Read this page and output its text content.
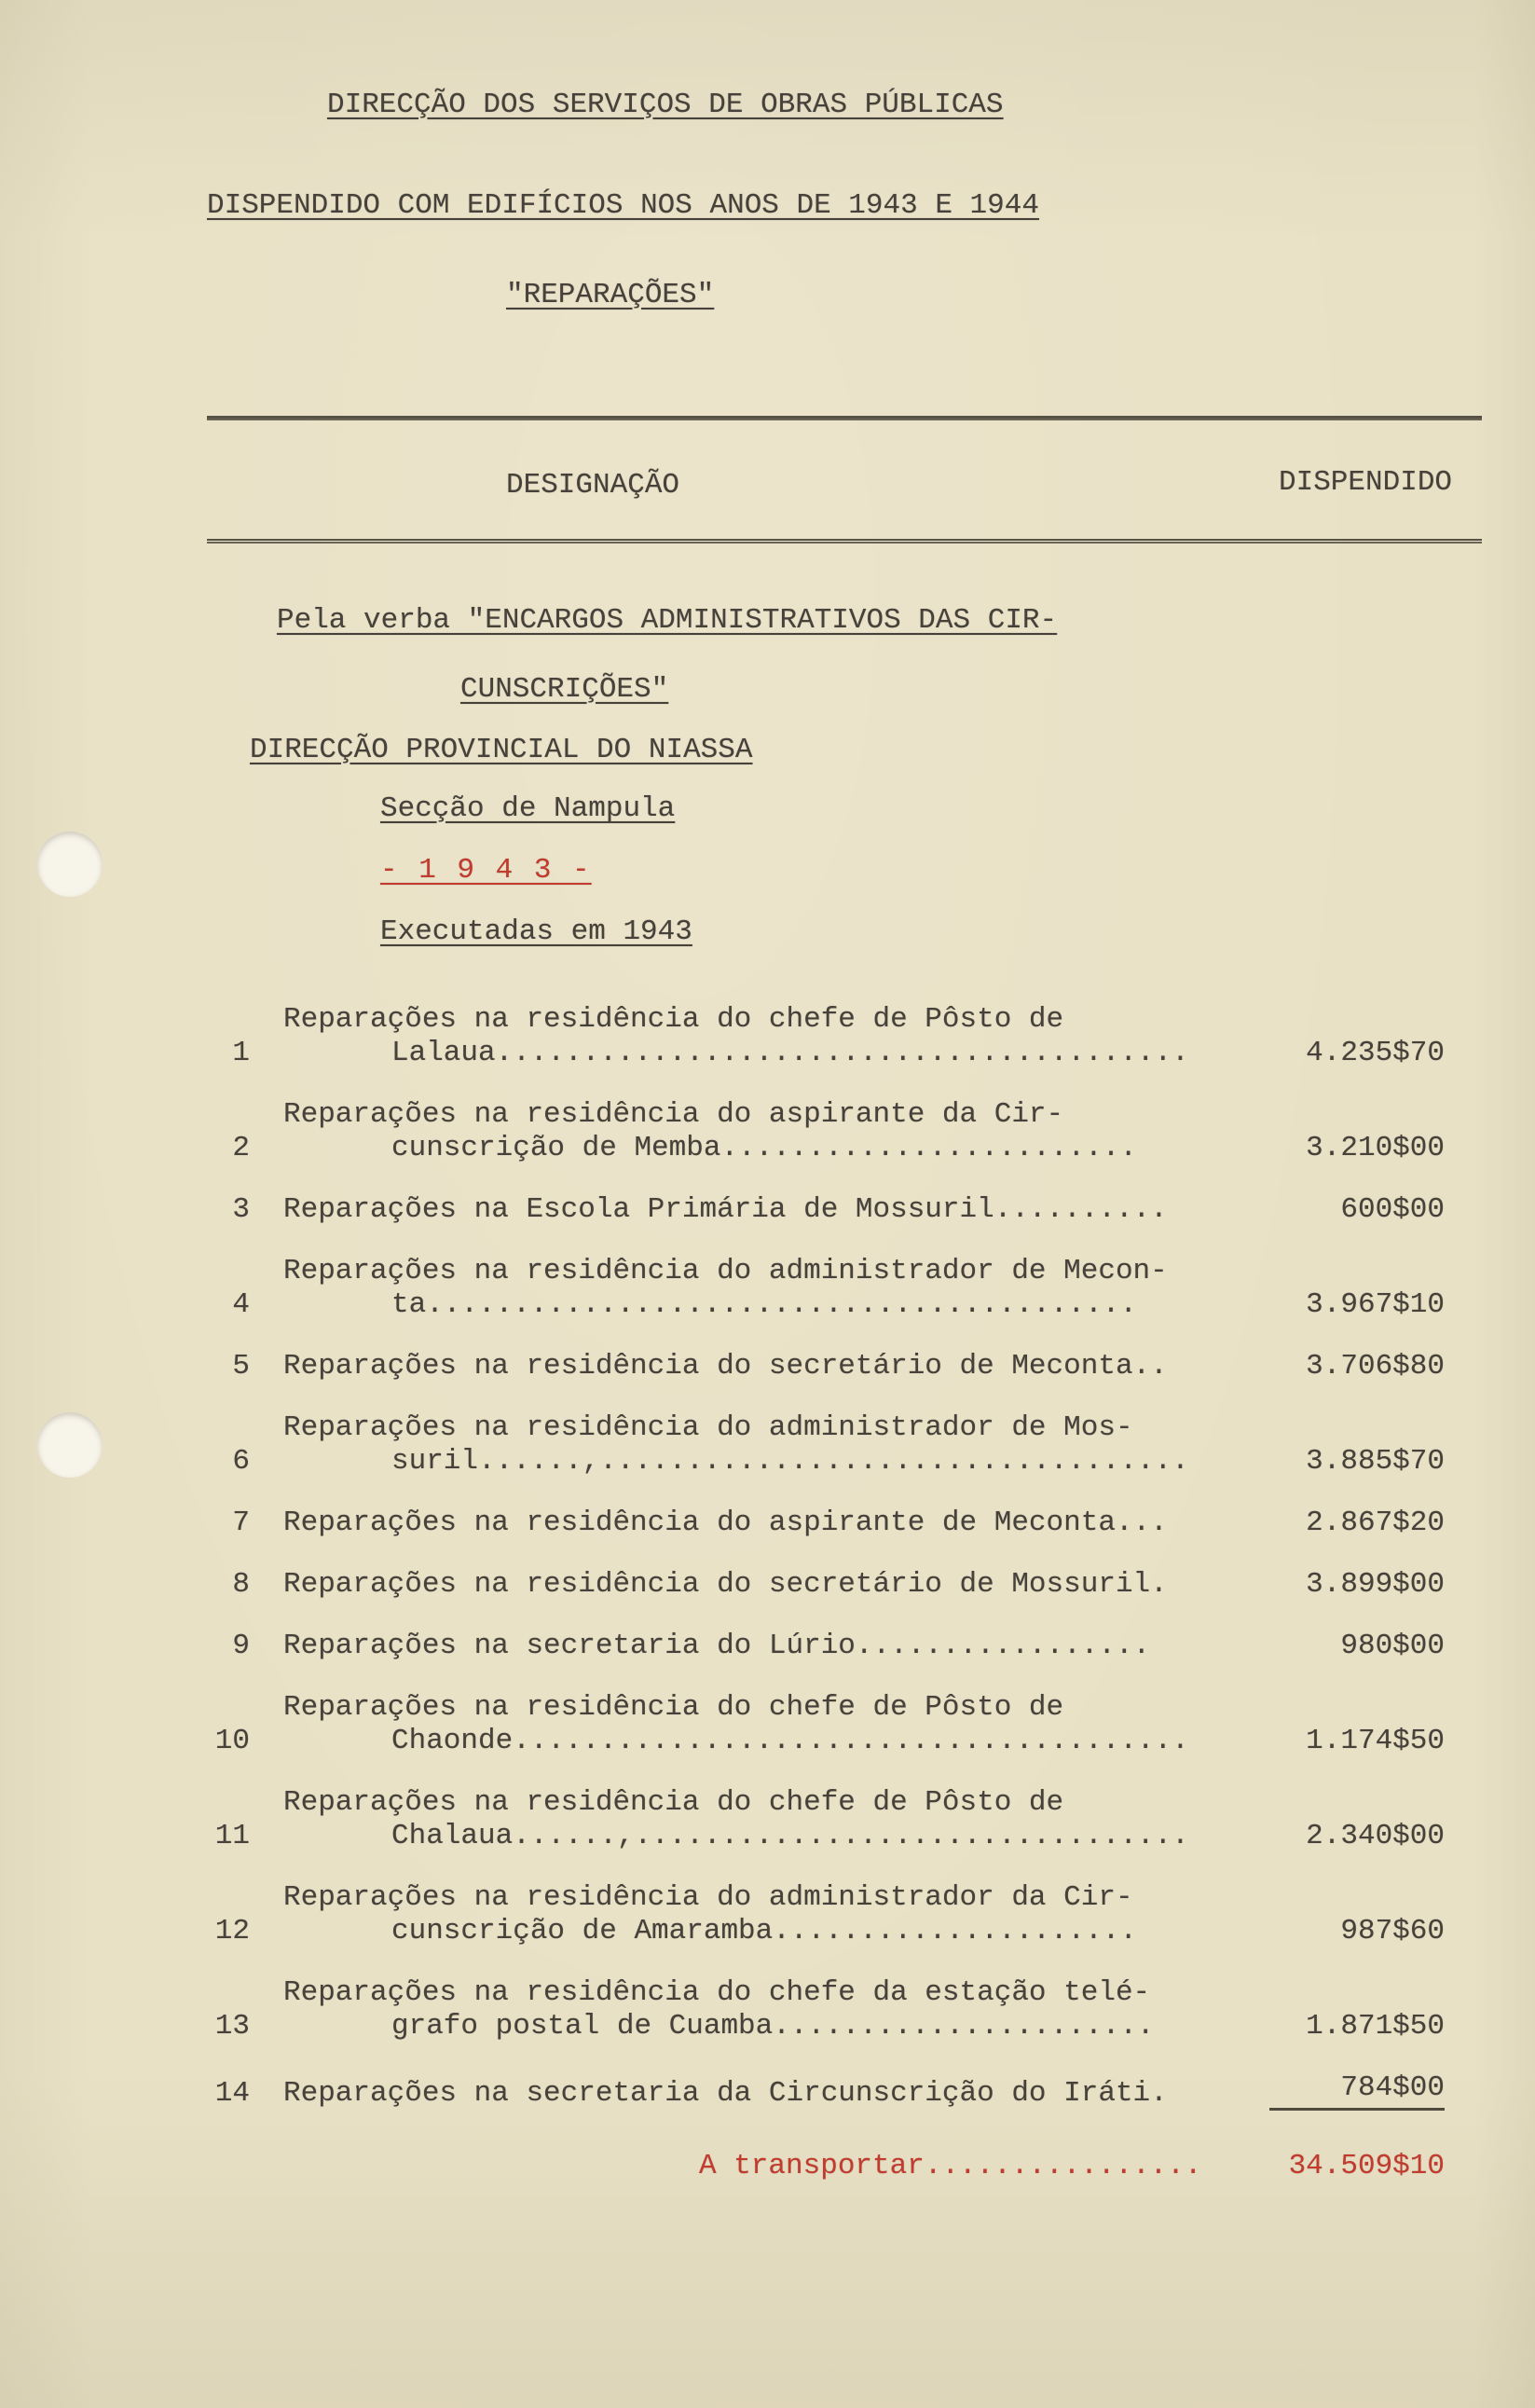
DIRECÇÃO DOS SERVIÇOS DE OBRAS PÚBLICAS
DISPENDIDO COM EDIFÍCIOS NOS ANOS DE 1943 E 1944
"REPARAÇÕES"
DESIGNAÇÃO	DISPENDIDO
Pela verba "ENCARGOS ADMINISTRATIVOS DAS CIR-
CUNSCRIÇÕES"
DIRECÇÃO PROVINCIAL DO NIASSA
Secção de Nampula
- 1 9 4 3 -
Executadas em 1943
1
Reparações na residência do chefe de Pôsto de
Lalaua........................................	4.235$70
2
Reparações na residência do aspirante da Cir-
cunscrição de Memba........................	3.210$00
3 Reparações na Escola Primária de Mossuril..........	600$00
4
Reparações na residência do administrador de Mecon-
ta.........................................	3.967$10
5 Reparações na residência do secretário de Meconta..	3.706$80
6
Reparações na residência do administrador de Mos-
suril......,..................................	3.885$70
7 Reparações na residência do aspirante de Meconta...	2.867$20
8 Reparações na residência do secretário de Mossuril.	3.899$00
9 Reparações na secretaria do Lúrio.................	980$00
10
Reparações na residência do chefe de Pôsto de
Chaonde.......................................	1.174$50
11
Reparações na residência do chefe de Pôsto de
Chalaua......,................................	2.340$00
12
Reparações na residência do administrador da Cir-
cunscrição de Amaramba.....................	987$60
13
Reparações na residência do chefe da estação telé-
grafo postal de Cuamba......................	1.871$50
14 Reparações na secretaria da Circunscrição do Iráti.	784$00
A transportar................	34.509$10
